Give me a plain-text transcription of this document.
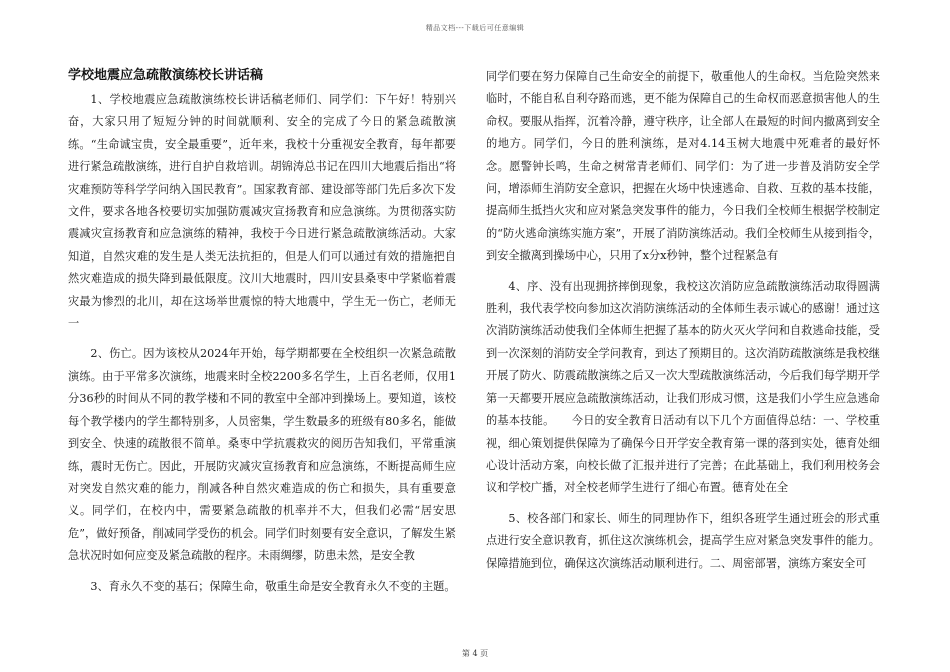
精品文档---下载后可任意编辑
学校地震应急疏散演练校长讲话稿

1、学校地震应急疏散演练校长讲话稿老师们、同学们：下午好！特别兴奋，大家只用了短短分钟的时间就顺利、安全的完成了今日的紧急疏散演练。“生命诚宝贵，安全最重要”，近年来，我校十分重视安全教育，每年都要进行紧急疏散演练，进行自护自救培训。胡锦涛总书记在四川大地震后指出“将灾难预防等科学学问纳入国民教育”。国家教育部、建设部等部门先后多次下发文件，要求各地各校要切实加强防震减灾宣扬教育和应急演练。为贯彻落实防震减灾宣扬教育和应急演练的精神，我校于今日进行紧急疏散演练活动。大家知道，自然灾难的发生是人类无法抗拒的，但是人们可以通过有效的措施把自然灾难造成的损失降到最低限度。汶川大地震时，四川安县桑枣中学紧临着震灾最为惨烈的北川，却在这场举世震惊的特大地震中，学生无一伤亡，老师无一

2、伤亡。因为该校从2024年开始，每学期都要在全校组织一次紧急疏散演练。由于平常多次演练，地震来时全校2200多名学生，上百名老师，仅用1分36秒的时间从不同的教学楼和不同的教室中全部冲到操场上。要知道，该校每个教学楼内的学生都特别多，人员密集，学生数最多的班级有80多名，能做到安全、快速的疏散很不简单。桑枣中学抗震救灾的阅历告知我们，平常重演练，震时无伤亡。因此，开展防灾减灾宣扬教育和应急演练，不断提高师生应对突发自然灾难的能力，削减各种自然灾难造成的伤亡和损失，具有重要意义。同学们，在校内中，需要紧急疏散的机率并不大，但我们必需“居安思危”，做好预备，削减同学受伤的机会。同学们时刻要有安全意识，了解发生紧急状况时如何应变及紧急疏散的程序。未雨绸缪，防患未然，是安全教

3、育永久不变的基石；保障生命，敬重生命是安全教育永久不变的主题。

同学们要在努力保障自己生命安全的前提下，敬重他人的生命权。当危险突然来临时，不能自私自利夺路而逃，更不能为保障自己的生命权而恶意损害他人的生命权。要服从指挥，沉着冷静，遵守秩序，让全部人在最短的时间内撤离到安全的地方。同学们，今日的胜利演练，是对4.14玉树大地震中死难者的最好怀念。愿警钟长鸣，生命之树常青老师们、同学们：为了进一步普及消防安全学问，增添师生消防安全意识，把握在火场中快速逃命、自救、互救的基本技能，提高师生抵挡火灾和应对紧急突发事件的能力，今日我们全校师生根据学校制定的“防火逃命演练实施方案”，开展了消防演练活动。我们全校师生从接到指令，到安全撤离到操场中心，只用了x分x秒钟，整个过程紧急有

4、序、没有出现拥挤摔倒现象，我校这次消防应急疏散演练活动取得圆满胜利，我代表学校向参加这次消防演练活动的全体师生表示诚心的感谢！通过这次消防演练活动使我们全体师生把握了基本的防火灭火学问和自救逃命技能，受到一次深刻的消防安全学问教育，到达了预期目的。这次消防疏散演练是我校继开展了防火、防震疏散演练之后又一次大型疏散演练活动，今后我们每学期开学第一天都要开展应急疏散演练活动，让我们形成习惯，这是我们小学生应急逃命的基本技能。　　今日的安全教育日活动有以下几个方面值得总结：一、学校重视，细心策划提供保障为了确保今日开学安全教育第一课的落到实处，德育处细心设计活动方案，向校长做了汇报并进行了完善；在此基础上，我们利用校务会议和学校广播，对全校老师学生进行了细心布置。德育处在全

5、校各部门和家长、师生的同理协作下，组织各班学生通过班会的形式重点进行安全意识教育，抓住这次演练机会，提高学生应对紧急突发事件的能力。保障措施到位，确保这次演练活动顺利进行。二、周密部署，演练方案安全可

第 4 页
